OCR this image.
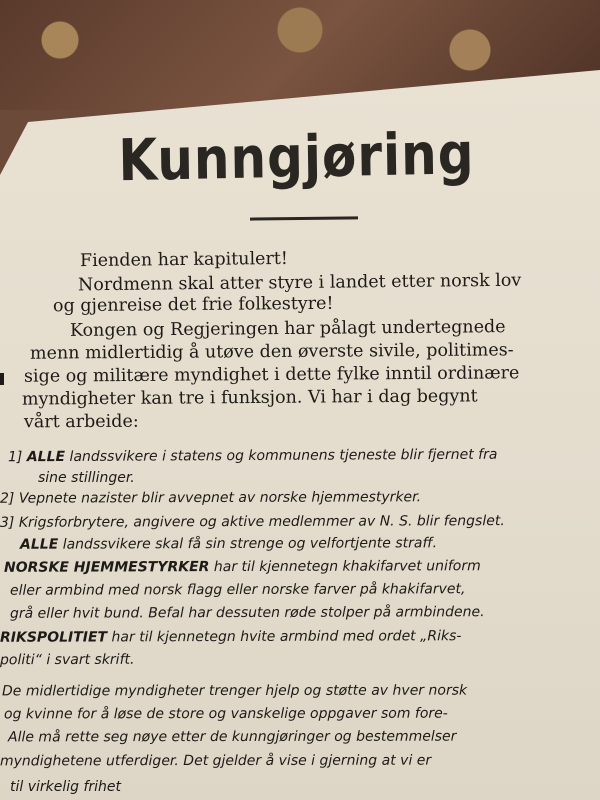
Kunngjøring

Fienden har kapitulert!

Nordmenn skal atter styre i landet etter norsk lov

og gjenreise det frie folkestyre!

Kongen og Regjeringen har pålagt undertegnede

menn midlertidig å utøve den øverste sivile, politimes-

sige og militære myndighet i dette fylke inntil ordinære

myndigheter kan tre i funksjon. Vi har i dag begynt

vårt arbeide:

1] ALLE landssvikere i statens og kommunens tjeneste blir fjernet fra

sine stillinger.

2] Vepnete nazister blir avvepnet av norske hjemmestyrker.

3] Krigsforbrytere, angivere og aktive medlemmer av N. S. blir fengslet.

ALLE landssvikere skal få sin strenge og velfortjente straff.

NORSKE HJEMMESTYRKER har til kjennetegn khakifarvet uniform

eller armbind med norsk flagg eller norske farver på khakifarvet,

grå eller hvit bund. Befal har dessuten røde stolper på armbindene.

RIKSPOLITIET har til kjennetegn hvite armbind med ordet „Riks-

politi“ i svart skrift.

De midlertidige myndigheter trenger hjelp og støtte av hver norsk

og kvinne for å løse de store og vanskelige oppgaver som fore-

Alle må rette seg nøye etter de kunngjøringer og bestemmelser

myndighetene utferdiger. Det gjelder å vise i gjerning at vi er

til virkelig frihet
